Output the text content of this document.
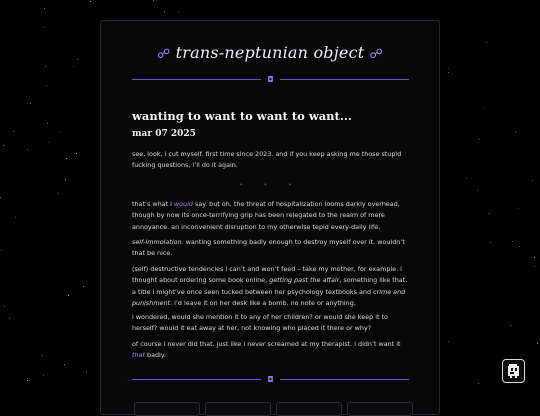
☍ trans-neptunian object ☍
◘
wanting to want to want to want...
mar 07 2025
see, look, i cut myself. first time since 2023. and if you keep asking me those stupid fucking questions, i’ll do it again.
• • •
that’s what i would say. but oh, the threat of hospitalization looms darkly overhead, though by now its once-terrifying grip has been relegated to the realm of mere annoyance. an inconvenient disruption to my otherwise tepid every-daily life.
self-immolation. wanting something badly enough to destroy myself over it. wouldn’t that be nice.
(self) destructive tendencies i can’t and won’t feed – take my mother, for example. i thought about ordering some book online, getting past the affair, something like that, a title i might’ve once seen tucked between her psychology textbooks and crime and punishment. i’d leave it on her desk like a bomb. no note or anything.
i wondered, would she mention it to any of her children? or would she keep it to herself? would it eat away at her, not knowing who placed it there or why?
of course i never did that. just like i never screamed at my therapist. i didn’t want it that badly.
◘
